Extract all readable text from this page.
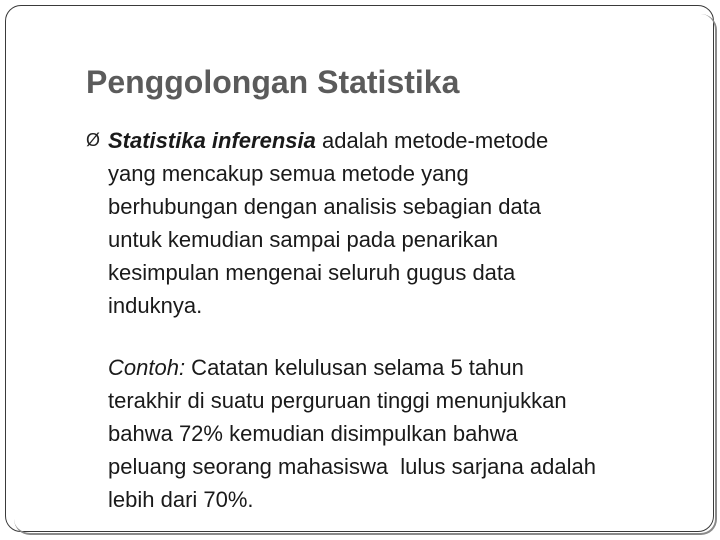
Penggolongan Statistika
Ø Statistika inferensia adalah metode-metode
yang mencakup semua metode yang
berhubungan dengan analisis sebagian data
untuk kemudian sampai pada penarikan
kesimpulan mengenai seluruh gugus data
induknya.
Contoh: Catatan kelulusan selama 5 tahun
terakhir di suatu perguruan tinggi menunjukkan
bahwa 72% kemudian disimpulkan bahwa
peluang seorang mahasiswa  lulus sarjana adalah
lebih dari 70%.
